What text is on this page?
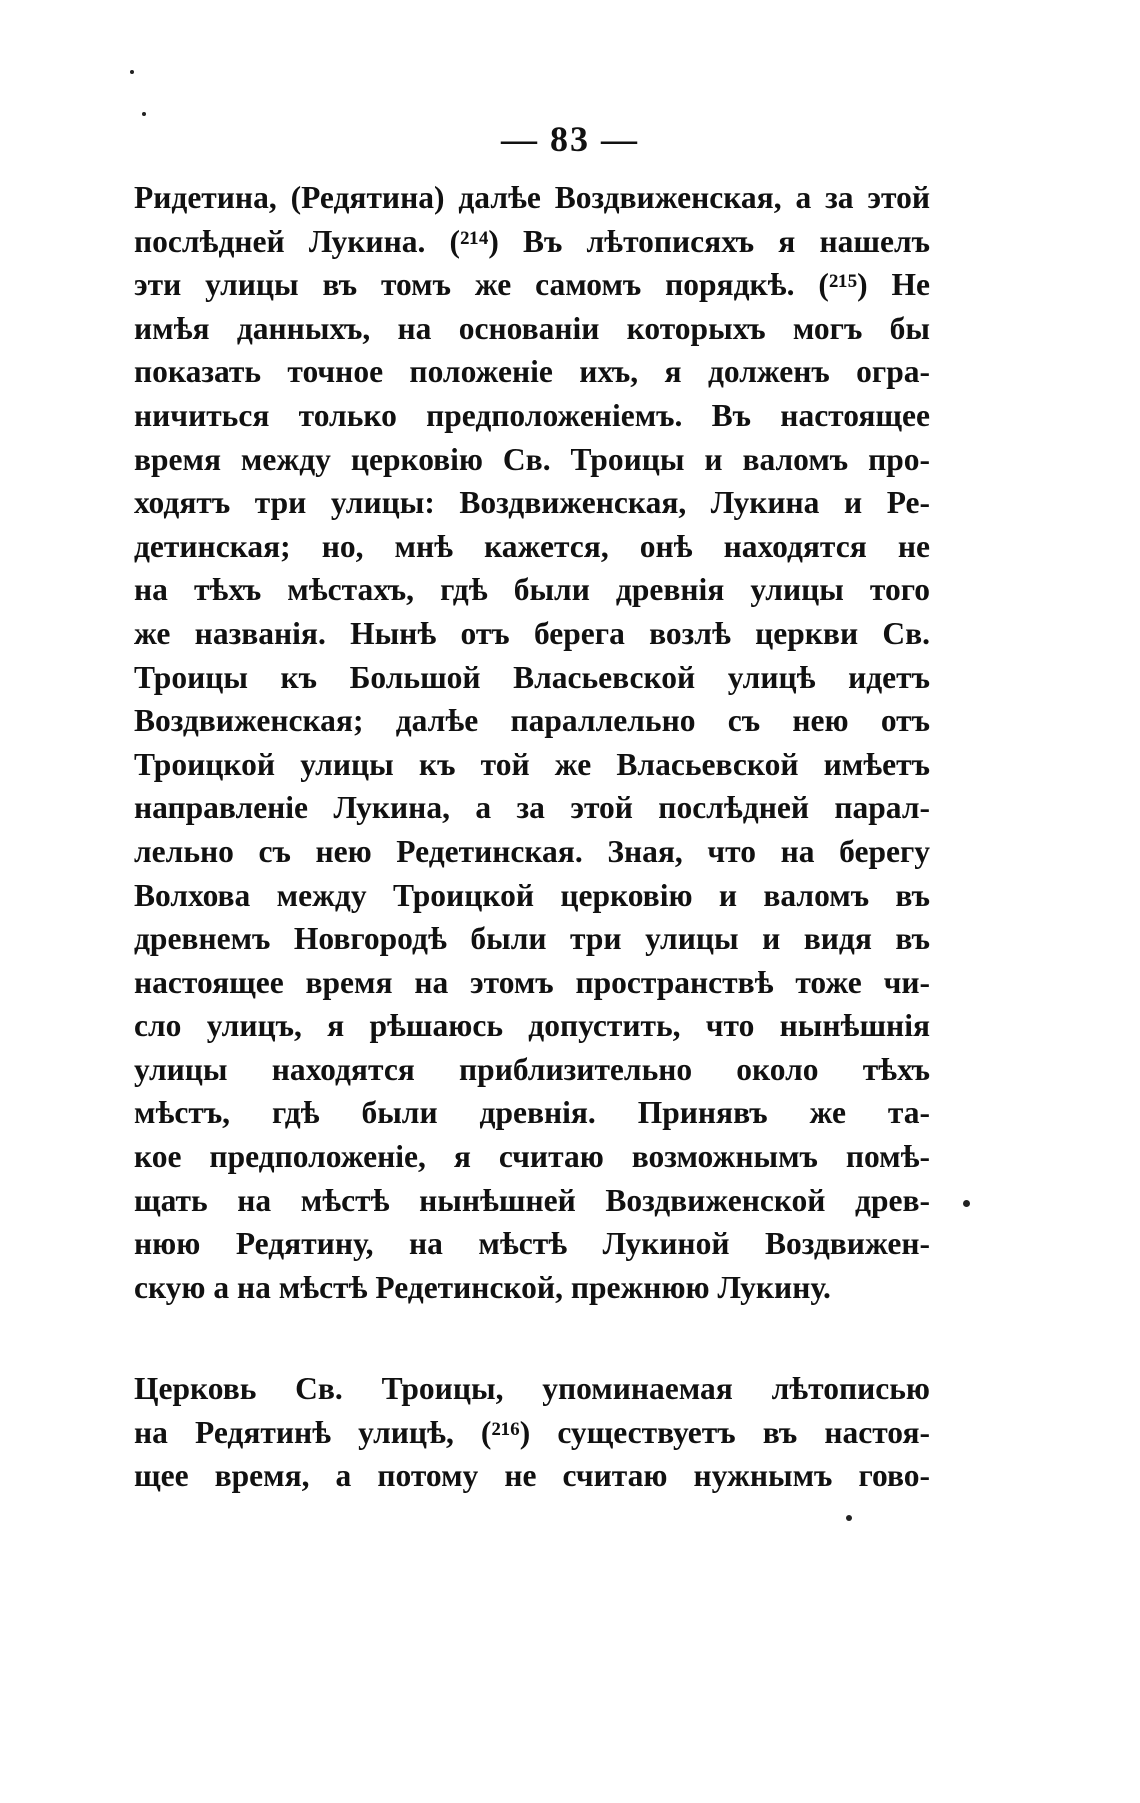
— 83 —
Ридетина, (Редятина) далѣе Воздвиженская, а за этой
послѣдней Лукина. (²¹⁴) Въ лѣтописяхъ я нашелъ
эти улицы въ томъ же самомъ порядкѣ. (²¹⁵) Не
имѣя данныхъ, на основаніи которыхъ могъ бы
показать точное положеніе ихъ, я долженъ огра-
ничиться только предположеніемъ. Въ настоящее
время между церковію Св. Троицы и валомъ про-
ходятъ три улицы: Воздвиженская, Лукина и Ре-
детинская; но, мнѣ кажется, онѣ находятся не
на тѣхъ мѣстахъ, гдѣ были древнія улицы того
же названія. Нынѣ отъ берега возлѣ церкви Св.
Троицы къ Большой Власьевской улицѣ идетъ
Воздвиженская; далѣе параллельно съ нею отъ
Троицкой улицы къ той же Власьевской имѣетъ
направленіе Лукина, а за этой послѣдней парал-
лельно съ нею Редетинская. Зная, что на берегу
Волхова между Троицкой церковію и валомъ въ
древнемъ Новгородѣ были три улицы и видя въ
настоящее время на этомъ пространствѣ тоже чи-
сло улицъ, я рѣшаюсь допустить, что нынѣшнія
улицы находятся приблизительно около тѣхъ
мѣстъ, гдѣ были древнія. Принявъ же та-
кое предположеніе, я считаю возможнымъ помѣ-
щать на мѣстѣ нынѣшней Воздвиженской древ-
нюю Редятину, на мѣстѣ Лукиной Воздвижен-
скую а на мѣстѣ Редетинской, прежнюю Лукину.
Церковь Св. Троицы, упоминаемая лѣтописью
на Редятинѣ улицѣ, (²¹⁶) существуетъ въ настоя-
щее время, а потому не считаю нужнымъ гово-
